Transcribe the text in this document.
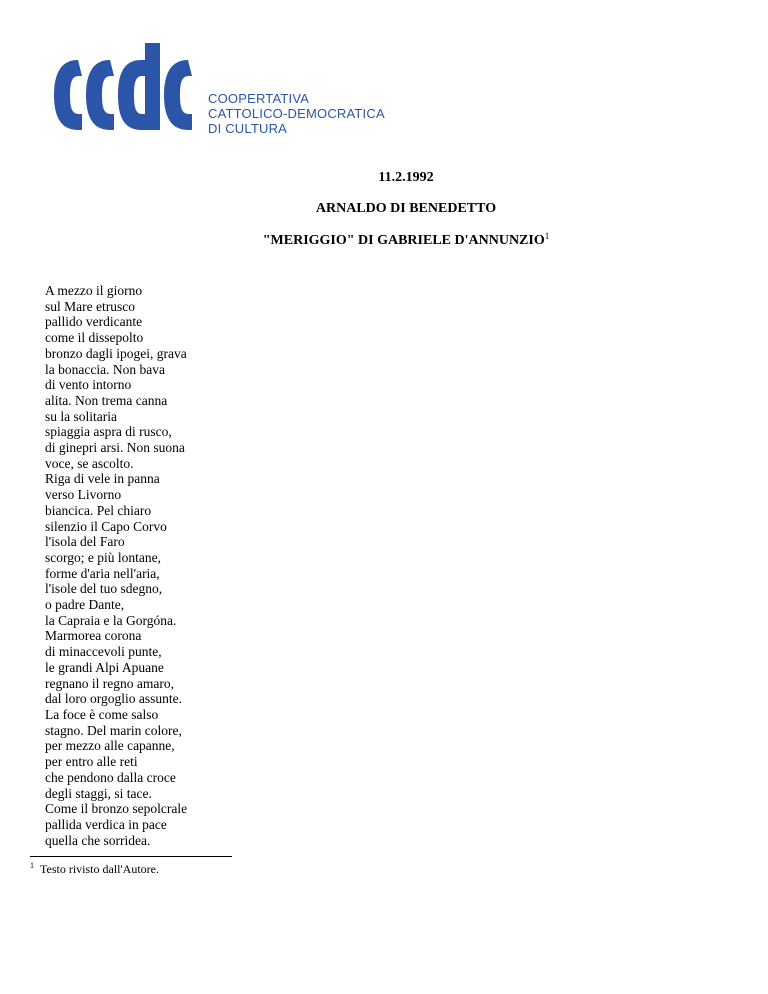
COOPERTATIVA
CATTOLICO-DEMOCRATICA
DI CULTURA
11.2.1992
ARNALDO DI BENEDETTO
"MERIGGIO" DI GABRIELE D'ANNUNZIO$^1$
A mezzo il giorno
sul Mare etrusco
pallido verdicante
come il dissepolto
bronzo dagli ipogei, grava
la bonaccia. Non bava
di vento intorno
alita. Non trema canna
su la solitaria
spiaggia aspra di rusco,
di ginepri arsi. Non suona
voce, se ascolto.
Riga di vele in panna
verso Livorno
biancica. Pel chiaro
silenzio il Capo Corvo
l'isola del Faro
scorgo; e più lontane,
forme d'aria nell'aria,
l'isole del tuo sdegno,
o padre Dante,
la Capraia e la Gorgóna.
Marmorea corona
di minaccevoli punte,
le grandi Alpi Apuane
regnano il regno amaro,
dal loro orgoglio assunte.
La foce è come salso
stagno. Del marin colore,
per mezzo alle capanne,
per entro alle reti
che pendono dalla croce
degli staggi, si tace.
Come il bronzo sepolcrale
pallida verdica in pace
quella che sorridea.
$^1$ Testo rivisto dall'Autore.
